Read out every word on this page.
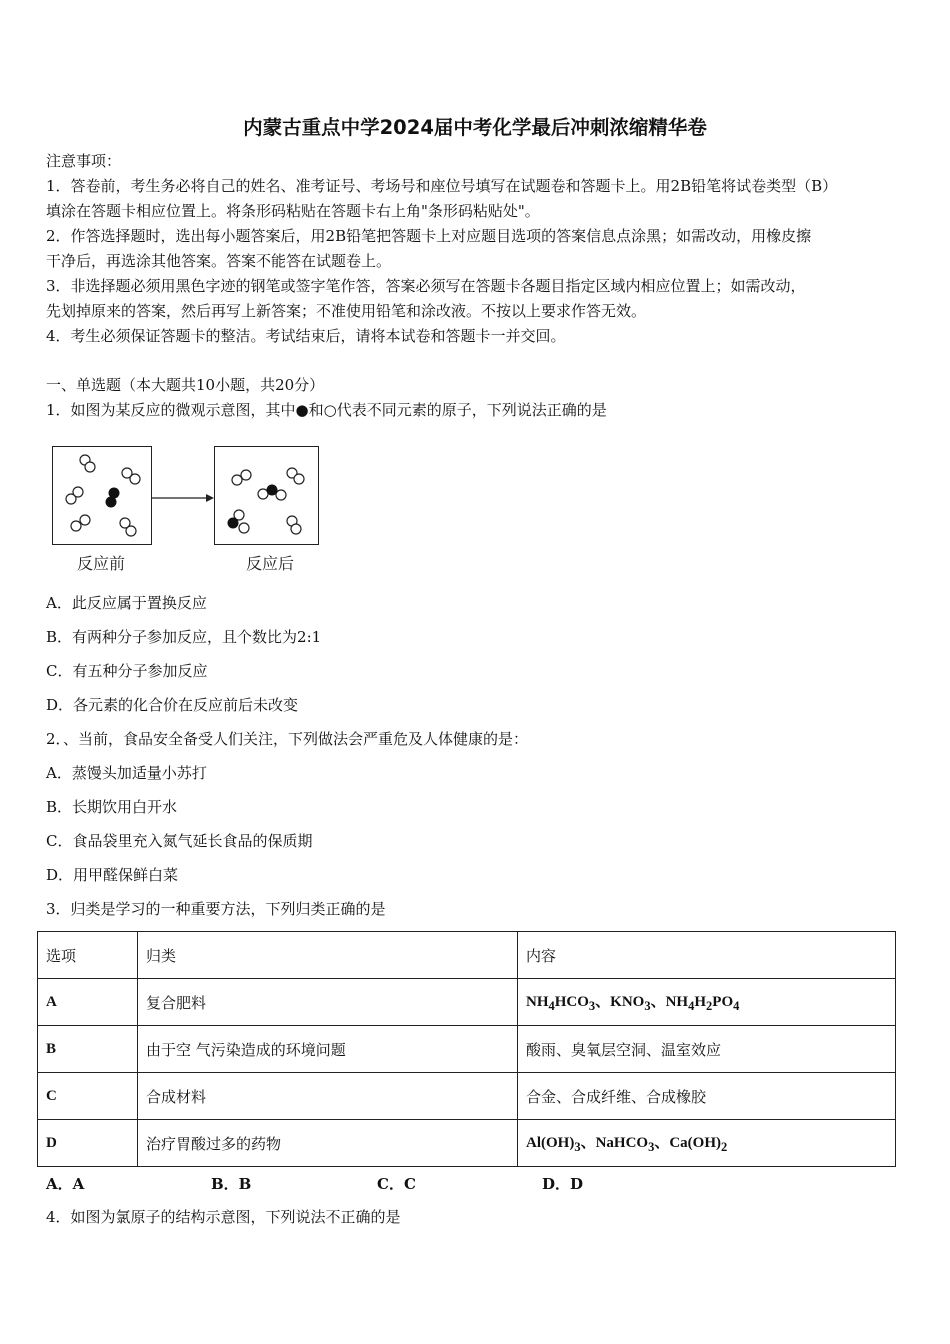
内蒙古重点中学2024届中考化学最后冲刺浓缩精华卷
注意事项：
1．答卷前，考生务必将自己的姓名、准考证号、考场号和座位号填写在试题卷和答题卡上。用2B铅笔将试卷类型（B）
填涂在答题卡相应位置上。将条形码粘贴在答题卡右上角"条形码粘贴处"。
2．作答选择题时，选出每小题答案后，用2B铅笔把答题卡上对应题目选项的答案信息点涂黑；如需改动，用橡皮擦
干净后，再选涂其他答案。答案不能答在试题卷上。
3．非选择题必须用黑色字迹的钢笔或签字笔作答，答案必须写在答题卡各题目指定区域内相应位置上；如需改动，
先划掉原来的答案，然后再写上新答案；不准使用铅笔和涂改液。不按以上要求作答无效。
4．考生必须保证答题卡的整洁。考试结束后，请将本试卷和答题卡一并交回。
一、单选题（本大题共10小题，共20分）
1．如图为某反应的微观示意图，其中●和○代表不同元素的原子，下列说法正确的是
反应前	反应后
A．此反应属于置换反应
B．有两种分子参加反应，且个数比为2:1
C．有五种分子参加反应
D．各元素的化合价在反应前后未改变
2．、当前，食品安全备受人们关注，下列做法会严重危及人体健康的是：
A．蒸馒头加适量小苏打
B．长期饮用白开水
C．食品袋里充入氮气延长食品的保质期
D．用甲醛保鲜白菜
3．归类是学习的一种重要方法，下列归类正确的是
选项	归类	内容
A	复合肥料	$NH_4HCO_3$、$KNO_3$、$NH_4H_2PO_4$
B	由于空 气污染造成的环境问题	酸雨、臭氧层空洞、温室效应
C	合成材料	合金、合成纤维、合成橡胶
D	治疗胃酸过多的药物	$Al(OH)_3$、NaHCO$_3$、$Ca(OH)_2$
A．A	B．B	C．C	D．D
4．如图为氯原子的结构示意图，下列说法不正确的是
